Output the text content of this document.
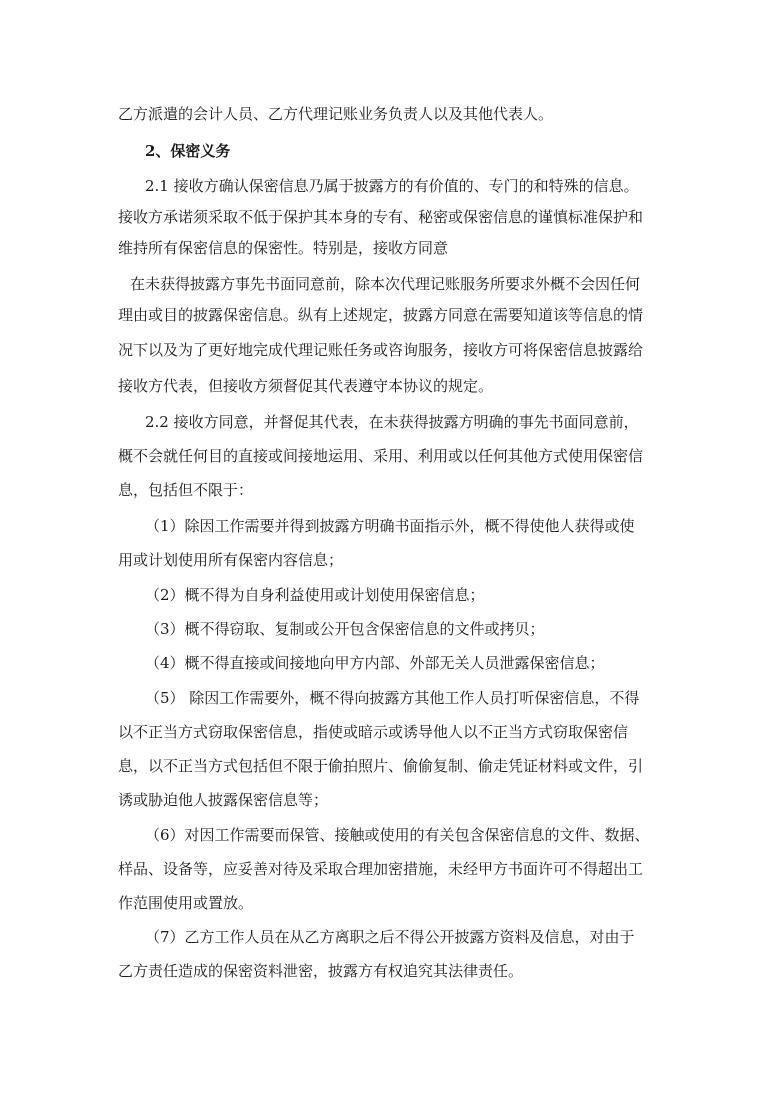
乙方派遣的会计人员、乙方代理记账业务负责人以及其他代表人。
2、保密义务
2.1 接收方确认保密信息乃属于披露方的有价值的、专门的和特殊的信息。
接收方承诺须采取不低于保护其本身的专有、秘密或保密信息的谨慎标准保护和
维持所有保密信息的保密性。特别是，接收方同意
在未获得披露方事先书面同意前，除本次代理记账服务所要求外概不会因任何
理由或目的披露保密信息。纵有上述规定，披露方同意在需要知道该等信息的情
况下以及为了更好地完成代理记账任务或咨询服务，接收方可将保密信息披露给
接收方代表，但接收方须督促其代表遵守本协议的规定。
2.2 接收方同意，并督促其代表，在未获得披露方明确的事先书面同意前，
概不会就任何目的直接或间接地运用、采用、利用或以任何其他方式使用保密信
息，包括但不限于：
（1）除因工作需要并得到披露方明确书面指示外，概不得使他人获得或使
用或计划使用所有保密内容信息；
（2）概不得为自身利益使用或计划使用保密信息；
（3）概不得窃取、复制或公开包含保密信息的文件或拷贝；
（4）概不得直接或间接地向甲方内部、外部无关人员泄露保密信息；
（5） 除因工作需要外，概不得向披露方其他工作人员打听保密信息，不得
以不正当方式窃取保密信息，指使或暗示或诱导他人以不正当方式窃取保密信
息，以不正当方式包括但不限于偷拍照片、偷偷复制、偷走凭证材料或文件，引
诱或胁迫他人披露保密信息等；
（6）对因工作需要而保管、接触或使用的有关包含保密信息的文件、数据、
样品、设备等，应妥善对待及采取合理加密措施，未经甲方书面许可不得超出工
作范围使用或置放。
（7）乙方工作人员在从乙方离职之后不得公开披露方资料及信息，对由于
乙方责任造成的保密资料泄密，披露方有权追究其法律责任。
